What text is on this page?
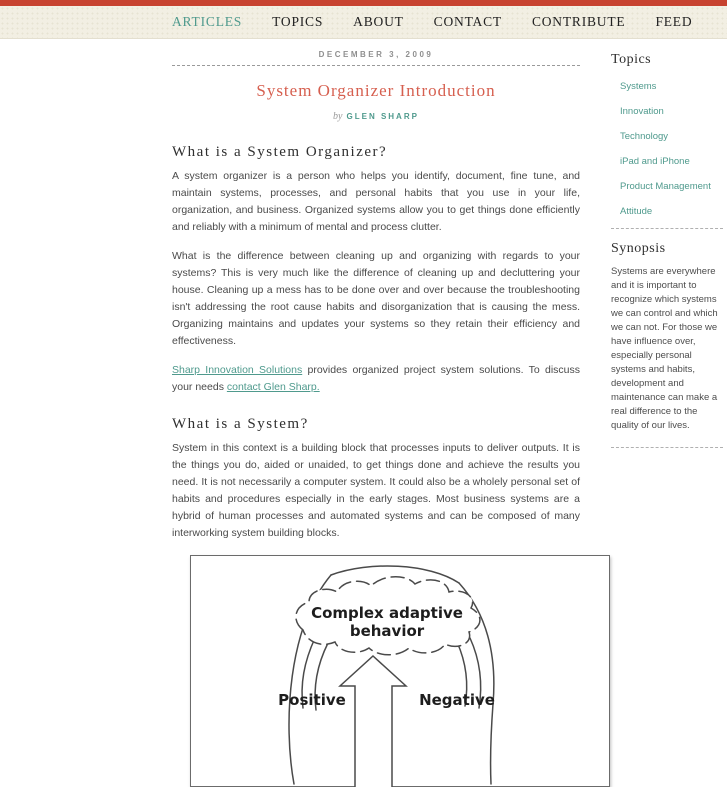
ARTICLES TOPICS ABOUT CONTACT CONTRIBUTE FEED
DECEMBER 3, 2009
System Organizer Introduction
by GLEN SHARP
What is a System Organizer?

A system organizer is a person who helps you identify, document, fine tune, and maintain systems, processes, and personal habits that you use in your life, organization, and business. Organized systems allow you to get things done efficiently and reliably with a minimum of mental and process clutter.

What is the difference between cleaning up and organizing with regards to your systems? This is very much like the difference of cleaning up and decluttering your house. Cleaning up a mess has to be done over and over because the troubleshooting isn't addressing the root cause habits and disorganization that is causing the mess. Organizing maintains and updates your systems so they retain their efficiency and effectiveness.

Sharp Innovation Solutions provides organized project system solutions. To discuss your needs contact Glen Sharp.

What is a System?

System in this context is a building block that processes inputs to deliver outputs. It is the things you do, aided or unaided, to get things done and achieve the results you need. It is not necessarily a computer system. It could also be a wholely personal set of habits and procedures especially in the early stages. Most business systems are a hybrid of human processes and automated systems and can be composed of many interworking system building blocks.

Complex adaptive
behavior
Positive	Negative
Topics
Systems
Innovation
Technology
iPad and iPhone
Product Management
Attitude
Synopsis

Systems are everywhere and it is important to recognize which systems we can control and which we can not. For those we have influence over, especially personal systems and habits, development and maintenance can make a real difference to the quality of our lives.
